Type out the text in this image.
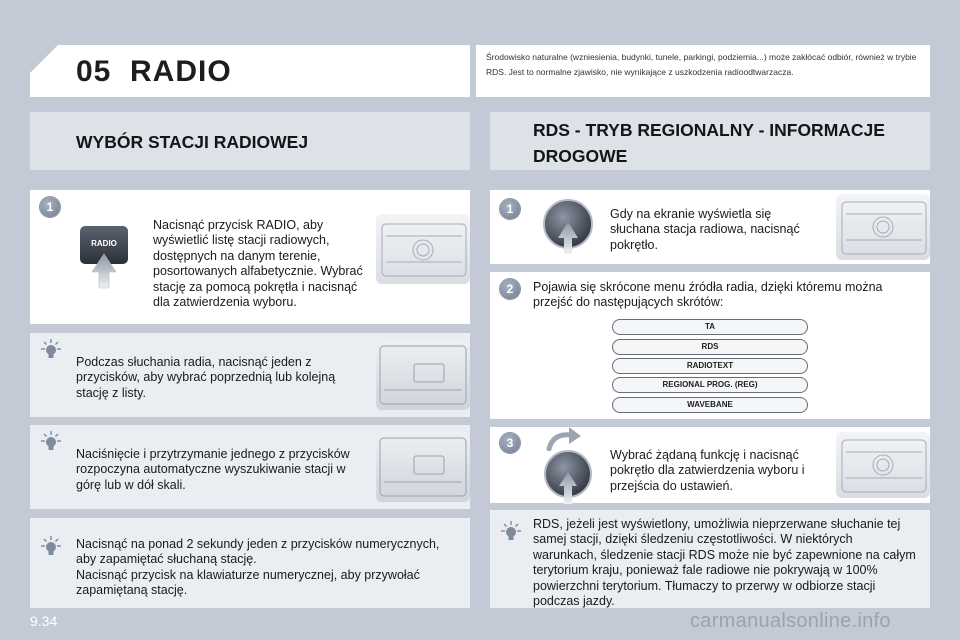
05 RADIO	Środowisko naturalne (wzniesienia, budynki, tunele, parkingi, podziemia...) może zakłócać odbiór, również w trybie RDS. Jest to normalne zjawisko, nie wynikające z uszkodzenia radioodtwarzacza.

WYBÓR STACJI RADIOWEJ
RDS - TRYB REGIONALNY - INFORMACJE
DROGOWE
1
RADIO
Nacisnąć przycisk RADIO, aby wyświetlić listę stacji radiowych, dostępnych na danym terenie, posortowanych alfabetycznie. Wybrać stację za pomocą pokrętła i nacisnąć dla zatwierdzenia wyboru.
Podczas słuchania radia, nacisnąć jeden z przycisków, aby wybrać poprzednią lub kolejną stację z listy.
Naciśnięcie i przytrzymanie jednego z przycisków rozpoczyna automatyczne wyszukiwanie stacji w górę lub w dół skali.
Nacisnąć na ponad 2 sekundy jeden z przycisków numerycznych, aby zapamiętać słuchaną stację.
Nacisnąć przycisk na klawiaturze numerycznej, aby przywołać zapamiętaną stację.
1	Gdy na ekranie wyświetla się słuchana stacja radiowa, nacisnąć pokrętło.
2	Pojawia się skrócone menu źródła radia, dzięki któremu można przejść do następujących skrótów:
TA
RDS
RADIOTEXT
REGIONAL PROG. (REG)
WAVEBANE
3
Wybrać żądaną funkcję i nacisnąć pokrętło dla zatwierdzenia wyboru i przejścia do ustawień.
RDS, jeżeli jest wyświetlony, umożliwia nieprzerwane słuchanie tej samej stacji, dzięki śledzeniu częstotliwości. W niektórych warunkach, śledzenie stacji RDS może nie być zapewnione na całym terytorium kraju, ponieważ fale radiowe nie pokrywają w 100% powierzchni terytorium. Tłumaczy to przerwy w odbiorze stacji podczas jazdy.
9.34	carmanualsonline.info
